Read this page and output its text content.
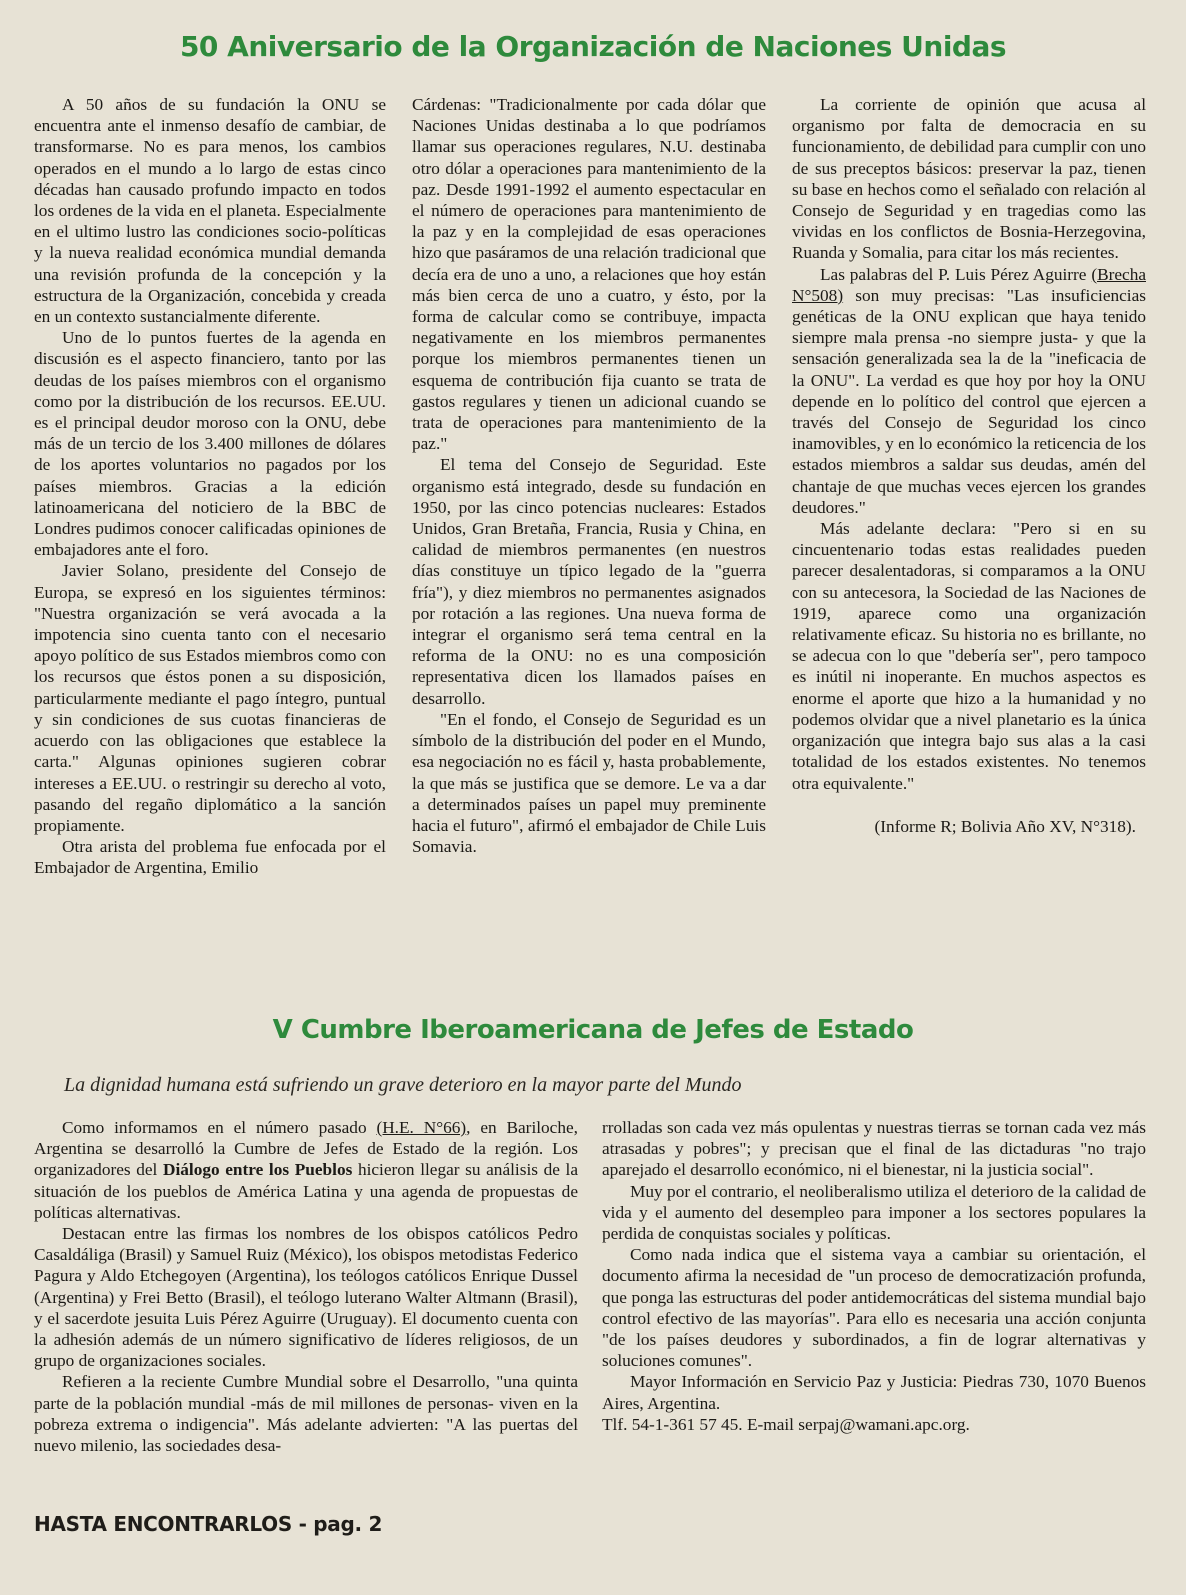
50 Aniversario de la Organización de Naciones Unidas

A 50 años de su fundación la ONU se encuentra ante el inmenso desafío de cambiar, de transformarse. No es para menos, los cambios operados en el mundo a lo largo de estas cinco décadas han causado profundo impacto en todos los ordenes de la vida en el planeta. Especialmente en el ultimo lustro las condiciones socio-políticas y la nueva realidad económica mundial demanda una revisión profunda de la concepción y la estructura de la Organización, concebida y creada en un contexto sustancialmente diferente.

Uno de lo puntos fuertes de la agenda en discusión es el aspecto financiero, tanto por las deudas de los países miembros con el organismo como por la distribución de los recursos. EE.UU. es el principal deudor moroso con la ONU, debe más de un tercio de los 3.400 millones de dólares de los aportes voluntarios no pagados por los países miembros. Gracias a la edición latinoamericana del noticiero de la BBC de Londres pudimos conocer calificadas opiniones de embajadores ante el foro.

Javier Solano, presidente del Consejo de Europa, se expresó en los siguientes términos: "Nuestra organización se verá avocada a la impotencia sino cuenta tanto con el necesario apoyo político de sus Estados miembros como con los recursos que éstos ponen a su disposición, particularmente mediante el pago íntegro, puntual y sin condiciones de sus cuotas financieras de acuerdo con las obligaciones que establece la carta." Algunas opiniones sugieren cobrar intereses a EE.UU. o restringir su derecho al voto, pasando del regaño diplomático a la sanción propiamente.

Otra arista del problema fue enfocada por el Embajador de Argentina, Emilio

Cárdenas: "Tradicionalmente por cada dólar que Naciones Unidas destinaba a lo que podríamos llamar sus operaciones regulares, N.U. destinaba otro dólar a operaciones para mantenimiento de la paz. Desde 1991-1992 el aumento espectacular en el número de operaciones para mantenimiento de la paz y en la complejidad de esas operaciones hizo que pasáramos de una relación tradicional que decía era de uno a uno, a relaciones que hoy están más bien cerca de uno a cuatro, y ésto, por la forma de calcular como se contribuye, impacta negativamente en los miembros permanentes porque los miembros permanentes tienen un esquema de contribución fija cuanto se trata de gastos regulares y tienen un adicional cuando se trata de operaciones para mantenimiento de la paz."

El tema del Consejo de Seguridad. Este organismo está integrado, desde su fundación en 1950, por las cinco potencias nucleares: Estados Unidos, Gran Bretaña, Francia, Rusia y China, en calidad de miembros permanentes (en nuestros días constituye un típico legado de la "guerra fría"), y diez miembros no permanentes asignados por rotación a las regiones. Una nueva forma de integrar el organismo será tema central en la reforma de la ONU: no es una composición representativa dicen los llamados países en desarrollo.

"En el fondo, el Consejo de Seguridad es un símbolo de la distribución del poder en el Mundo, esa negociación no es fácil y, hasta probablemente, la que más se justifica que se demore. Le va a dar a determinados países un papel muy preminente hacia el futuro", afirmó el embajador de Chile Luis Somavia.

La corriente de opinión que acusa al organismo por falta de democracia en su funcionamiento, de debilidad para cumplir con uno de sus preceptos básicos: preservar la paz, tienen su base en hechos como el señalado con relación al Consejo de Seguridad y en tragedias como las vividas en los conflictos de Bosnia-Herzegovina, Ruanda y Somalia, para citar los más recientes.

Las palabras del P. Luis Pérez Aguirre (Brecha N°508) son muy precisas: "Las insuficiencias genéticas de la ONU explican que haya tenido siempre mala prensa -no siempre justa- y que la sensación generalizada sea la de la "ineficacia de la ONU". La verdad es que hoy por hoy la ONU depende en lo político del control que ejercen a través del Consejo de Seguridad los cinco inamovibles, y en lo económico la reticencia de los estados miembros a saldar sus deudas, amén del chantaje de que muchas veces ejercen los grandes deudores."

Más adelante declara: "Pero si en su cincuentenario todas estas realidades pueden parecer desalentadoras, si comparamos a la ONU con su antecesora, la Sociedad de las Naciones de 1919, aparece como una organización relativamente eficaz. Su historia no es brillante, no se adecua con lo que "debería ser", pero tampoco es inútil ni inoperante. En muchos aspectos es enorme el aporte que hizo a la humanidad y no podemos olvidar que a nivel planetario es la única organización que integra bajo sus alas a la casi totalidad de los estados existentes. No tenemos otra equivalente."

(Informe R; Bolivia Año XV, N°318).

V Cumbre Iberoamericana de Jefes de Estado

La dignidad humana está sufriendo un grave deterioro en la mayor parte del Mundo

Como informamos en el número pasado (H.E. N°66), en Bariloche, Argentina se desarrolló la Cumbre de Jefes de Estado de la región. Los organizadores del Diálogo entre los Pueblos hicieron llegar su análisis de la situación de los pueblos de América Latina y una agenda de propuestas de políticas alternativas.

Destacan entre las firmas los nombres de los obispos católicos Pedro Casaldáliga (Brasil) y Samuel Ruiz (México), los obispos metodistas Federico Pagura y Aldo Etchegoyen (Argentina), los teólogos católicos Enrique Dussel (Argentina) y Frei Betto (Brasil), el teólogo luterano Walter Altmann (Brasil), y el sacerdote jesuita Luis Pérez Aguirre (Uruguay). El documento cuenta con la adhesión además de un número significativo de líderes religiosos, de un grupo de organizaciones sociales.

Refieren a la reciente Cumbre Mundial sobre el Desarrollo, "una quinta parte de la población mundial -más de mil millones de personas- viven en la pobreza extrema o indigencia". Más adelante advierten: "A las puertas del nuevo milenio, las sociedades desa-

rrolladas son cada vez más opulentas y nuestras tierras se tornan cada vez más atrasadas y pobres"; y precisan que el final de las dictaduras "no trajo aparejado el desarrollo económico, ni el bienestar, ni la justicia social".

Muy por el contrario, el neoliberalismo utiliza el deterioro de la calidad de vida y el aumento del desempleo para imponer a los sectores populares la perdida de conquistas sociales y políticas.

Como nada indica que el sistema vaya a cambiar su orientación, el documento afirma la necesidad de "un proceso de democratización profunda, que ponga las estructuras del poder antidemocráticas del sistema mundial bajo control efectivo de las mayorías". Para ello es necesaria una acción conjunta "de los países deudores y subordinados, a fin de lograr alternativas y soluciones comunes".

Mayor Información en Servicio Paz y Justicia: Piedras 730, 1070 Buenos Aires, Argentina.

Tlf. 54-1-361 57 45. E-mail serpaj@wamani.apc.org.

HASTA ENCONTRARLOS - pag. 2
